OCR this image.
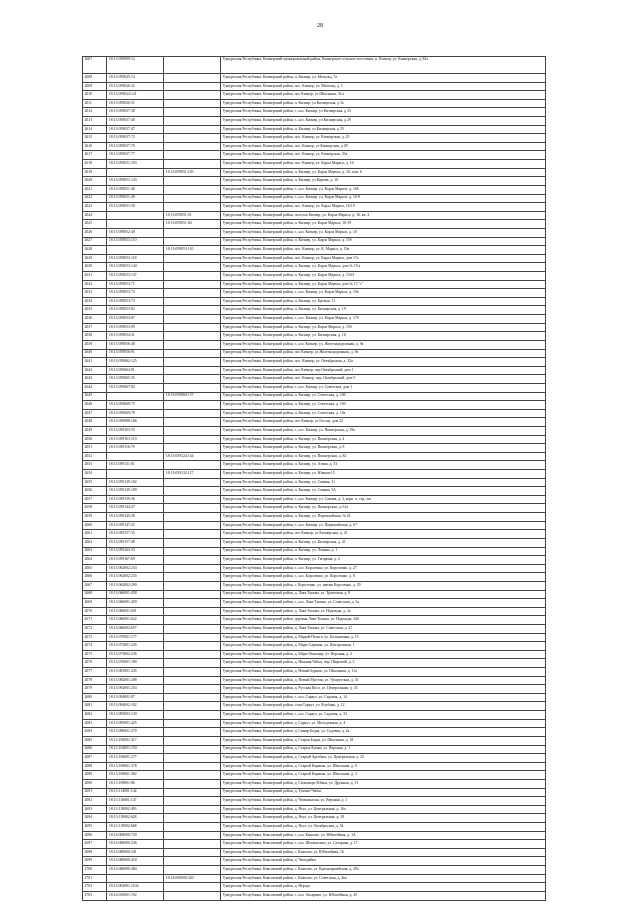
28
2607	18:13:059009:12		Удмуртская Республика, Кизнерский муниципальный район, Кизнерское сельское поселение, п. Кизнер, ул. Кизнерская, д. 82а
2608	18:13:059025:14		Удмуртская Республика, Кизнерский район, п. Кизнер, ул. Мельзац, 7а
2609	18:13:059026:32		Удмуртская Республика, Кизнерский район, пос. Кизнер, ул. Мельзац, д. 1
2610	18:13:059024:121		Удмуртская Республика, Кизнерский район, пос Кизнер, ул Школьная, 34 а
2611	18:13:059026:51		Удмуртская Республика, Кизнерский район, п. Кизнер, ул Кизнерская, д 3а
2612	18:13:059037:38		Удмуртская Республика, Кизнерский район, г., н.п. Кизнер, ул Кизнерская, д 33
2613	18:13:059037:40		Удмуртская Республика, Кизнерский район, г., н.п. Кизнер, ул Кизнерская, д 29
2614	18:13:059037:47		Удмуртская Республика, Кизнерский район, п. Кизнер, ул Кизнерская, д 25
2615	18:13:059037:72		Удмуртская Республика, Кизнерский район, пос. Кизнер, ул. Кизнерская, д. 25
2616	18:13:059037:79		Удмуртская Республика, Кизнерский район, пос. Кизнер, ул Кизнерская, д 29
2617	18:13:059037:77		Удмуртская Республика, Кизнерский район, пос. Кизнер, ул. Кизнерская, 33а
2618	18:13:059051:103		Удмуртская Республика, Кизнерский район, пос. Кизнер, ул. Карла Маркса, д. 16
2619		18:13:059051:103	Удмуртская Республика, Кизнерский район, п. Кизнер, ул. Карла Маркса, д. 16, пом. 6
2620	18:13:059051:143		Удмуртская Республика, Кизнерский район, п. Кизнер, ул Кирова, д. 10
2621	18:13:059051:40		Удмуртская Республика, Кизнерский район, г., н.п. Кизнер, ул. Карла Маркса, д. 16б
2622	18:13:059051:49		Удмуртская Республика, Кизнерский район, г., н.п. Кизнер, ул. Карла Маркса, д. 16-9
2623	18:13:059051:50		Удмуртская Республика, Кизнерский район, пос. Кизнер, ул. Карла Маркса, 16-10
2624		18:13:059051:51	Удмуртская Республика, Кизнерский район, поселок Кизнер, ул. Карла Маркса, д. 16, кв. 2
2625		18:13:059051:84	Удмуртская Республика, Кизнерский район, п. Кизнер, ул. Карла Маркса, 16-19
2626	18:13:059052:40		Удмуртская Республика, Кизнерский район, г., н.п. Кизнер, ул. Карла Маркса, д. 10
2627	18:13:059053:110		Удмуртская Республика, Кизнерский район, п. Кизнер, ул. Карла Маркса, д. 15б
2628		18:13:059053:110	Удмуртская Республика, Кизнерский район, пос. Кизнер, ул. К. Маркса, д. 15в
2629	18:13:059053:118		Удмуртская Республика, Кизнерский район, пос. Кизнер, ул. Карла Маркса, дом 17а
2630	18:13:059053:144		Удмуртская Республика, Кизнерский район, п. Кизнер, ул. Карла Маркса, дом № 19 а
2631	18:13:059053:147		Удмуртская Республика, Кизнерский район, п. Кизнер, ул. Карла Маркса, д. 15б/1
2632	18:13:059053:71		Удмуртская Республика, Кизнерский район, п. Кизнер, ул. Карла Маркса, дом № 15 "г"
2633	18:13:059053:72		Удмуртская Республика, Кизнерский район, г., н.п. Кизнер, ул. Карла Маркса, д. 19а
2634	18:13:059053:73		Удмуртская Республика, Кизнерский район, п. Кизнер, ул. Кремля, 11
2635	18:13:059053:82		Удмуртская Республика, Кизнерский район, п. Кизнер, ул. Кизнерская, д. 19
2636	18:13:059053:87		Удмуртская Республика, Кизнерский район, г., н.п. Кизнер, ул. Карла Маркса, д. 17б
2637	18:13:059053:99		Удмуртская Республика, Кизнерский район, п. Кизнер, ул. Карла Маркса, д. 15б
2638	18:13:059054:31		Удмуртская Республика, Кизнерский район, п. Кизнер, ул. Кизнерская, д. 16
2639	18:13:059056:48		Удмуртская Республика, Кизнерский район, г., н.п. Кизнер, ул. Железнодорожная, д. 9а
2640	18:13:059056:91		Удмуртская Республика, Кизнерский район, пос Кизнер, ул Железнодорожная, д. 9а
2641	18:13:059062:125		Удмуртская Республика, Кизнерский район, пос. Кизнер, ул. Октябрьская, д. 32а
2642	18:13:059064:91		Удмуртская Республика, Кизнерский район, пос Кизнер, пер Октябрьский, дом 1
2643	18:13:059065:35		Удмуртская Республика, Кизнерский район, пос. Кизнер, пер. Октябрьский, дом 5
2644	18:13:059067:82		Удмуртская Республика, Кизнерский район, г., н.п. Кизнер, ул. Советская, дом 1
2645		18:13:059069:157	Удмуртская Республика, Кизнерский район, п. Кизнер, ул. Советская, д. 106
2646	18:13:059069:75		Удмуртская Республика, Кизнерский район, п. Кизнер, ул. Советская, д. 10б
2647	18:13:059069:78		Удмуртская Республика, Кизнерский район, п. Кизнер, ул. Советская, д. 10а
2648	18:13:059088:166		Удмуртская Республика, Кизнерский район, пос Кизнер, ул Гоголя, дом 22
2649	18:13:059103:55		Удмуртская Республика, Кизнерский район, г., н.п. Кизнер, ул. Пионерская, д. 19а
2650	18:13:059103:119		Удмуртская Республика, Кизнерский район, п. Кизнер, ул. Пионерская, д. 4
2651	18:13:059116:79		Удмуртская Республика, Кизнерский район, п. Кизнер, ул. Пионерская, д. 8
2652		18:13:059124:144	Удмуртская Республика, Кизнерский район, п. Кизнер, ул. Пионерская, д. 82
2653	18:13:059131:81		Удмуртская Республика, Кизнерский район, п. Кизнер, ул. Азина, д. 53
2654		18:13:059132:117	Удмуртская Республика, Кизнерский район, п. Кизнер, ул. Южная-15
2655	18:13:059139:102		Удмуртская Республика, Кизнерский район, п. Кизнер, ул. Савина, 31
2656	18:13:059139:109		Удмуртская Республика, Кизнерский район, п. Кизнер, ул. Савина, 5А
2657	18:13:059139:36		Удмуртская Республика, Кизнерский район, г., н.п. Кизнер, ул. Савина, д. 3, корп. а, стр., кв.
2658	18:13:059144:47		Удмуртская Республика, Кизнерский район, п. Кизнер, ул. Пионерская, д. 61а
2659	18:13:059145:28		Удмуртская Республика, Кизнерский район, п. Кизнер, ул. Первомайская, № 61
2660	18:13:059147:25		Удмуртская Республика, Кизнерский район, г., н.п. Кизнер, ул. Первомайская, д. 67
2661	18:13:059157:35		Удмуртская Республика, Кизнерский район, пос Кизнер, ул Кизнерская, д. 41
2662	18:13:059157:48		Удмуртская Республика, Кизнерский район, п. Кизнер, ул. Кизнерская, д. 41
2663	18:13:059164:33		Удмуртская Республика, Кизнерский район, п. Кизнер, ул. Ленина, д. 1
2664	18:13:059167:69		Удмуртская Республика, Кизнерский район, п. Кизнер, ул. Гагарина, д. 2
2665	18:13:062002:233		Удмуртская Республика, Кизнерский район, г., н.п. Короленко, ул. Короленко, д. 27
2666	18:13:062002:235		Удмуртская Республика, Кизнерский район, г., н.п. Короленко, ул. Короленко, д. 8
2667	18:13:062002:290		Удмуртская Республика, Кизнерский район, с. Короленко, ул. имени Короленко, д. 29
2668	18:13:066001:458		Удмуртская Республика, Кизнерский район, д. Лака-Тыжма, ул. Трактовая, д. 8
2669	18:13:066001:459		Удмуртская Республика, Кизнерский район, г., н.п. Лака-Тыжма, ул. Советская, д. 3а
2670	18:13:066001:601		Удмуртская Республика, Кизнерский район, д. Лака-Тыжма, ул. Надежды, д. 2а
2671	18:13:066001:622		Удмуртская Республика, Кизнерский район, деревня Лака-Тыжма, ул. Надежды, 34б
2672	18:13:066002:657		Удмуртская Республика, Кизнерский район, д. Лака-Тыжма, ул. Советская, д. 27
2673	18:13:070001:177		Удмуртская Республика, Кизнерский район, д. Марый-Пельга, ул. Больничная, д. 15
2674	18:13:072001:245		Удмуртская Республика, Кизнерский район, д. Мари-Сарамак, ул. Центральная, 1
2675	18:13:073002:236		Удмуртская Республика, Кизнерский район, д. Мари-Ошкенер, ул. Верхняя, д. 2
2676	18:13:076001:189		Удмуртская Республика, Кизнерский район, д. Нижняя Чабья, пер. Широкий, д. 3
2677	18:13:081001:245		Удмуртская Республика, Кизнерский район, д. Новый Бурнак, ул. Школьная, д. 11а
2678	18:13:082001:208		Удмуртская Республика, Кизнерский район, д. Новый Мултан, ул. Удмуртская, д. 31
2679	18:13:092001:254		Удмуртская Республика, Кизнерский район, д. Русская Коса, ул. Центральная, д. 33
2680	18:13:094001:87		Удмуртская Республика, Кизнерский район, г., н.п. Саркуз, ул. Садовая, д. 14
2681	18:13:094002:102		Удмуртская Республика, Кизнерский район, стан Саркуз, ул. Клубная, д. 12
2682	18:13:095003:139		Удмуртская Республика, Кизнерский район, г., н.п. Саркуз, ул. Садовая, д. 33
2683	18:13:095001:425		Удмуртская Республика, Кизнерский район, д. Саркуз, ул. Молодежная, д. 4
2684	18:13:096001:270		Удмуртская Республика, Кизнерский район, д. Синяр-Бодья, ул. Садовая, д. 2а
2685	18:13:100001:317		Удмуртская Республика, Кизнерский район, д. Старая Бодья, ул. Школьная, д. 18
2686	18:13:104001:150		Удмуртская Республика, Кизнерский район, д. Старые Копки, ул. Верхняя, д. 1
2687	18:13:106001:277		Удмуртская Республика, Кизнерский район, д. Старый Аргабаш, ул. Центральная, д. 25
2688	18:13:106001:378		Удмуртская Республика, Кизнерский район, д. Старый Кармыж, ул. Школьная, д. 9
2689	18:13:106001:382		Удмуртская Республика, Кизнерский район, д. Старый Кармыж, ул. Школьная, д. 3
2690	18:13:109001:86		Удмуртская Республика, Кизнерский район, д. Сизьоморт-Юмья, ул. Дружная, д. 13
2691	18:13:114001:144		Удмуртская Республика, Кизнерский район, д. Тукмач-Чабья
2692	18:13:116001:147		Удмуртская Республика, Кизнерский район, д. Чемашкалан, ул. Верхняя, д. 1
2693	18:13:118002:493		Удмуртская Республика, Кизнерский район, д. Ягул, ул. Центральная, д. 16а
2694	18:13:118002:628		Удмуртская Республика, Кизнерский район, д. Ягул, ул. Центральная, д. 18
2695	18:13:118002:668		Удмуртская Республика, Кизнерский район, д. Ягул, ул. Октябрьская, д. 54
2696	18:14:000000:729		Удмуртская Республика, Киясовский район, г., н.п. Киясово, ул. Юбилейная, д. 1А
2697	18:14:000000:236		Удмуртская Республика, Киясовский район, г., н.п. Шахматовка, ул. Сахарная, д. 17
2698	18:14:000000:341		Удмуртская Республика, Киясовский район, с. Киясово, ул. Юбилейная, 16
2699	18:14:000000:418		Удмуртская Республика, Киясовский район, д. Чемодайка
2700	18:14:000000:484		Удмуртская Республика, Киясовский район, с. Киясово, ул. Красноармейская, д. 29а
2701		18:14:000000:320	Удмуртская Республика, Киясовский район, с. Киясово, ул. Советская, д. 4ка
2702	18:14:002001:1104		Удмуртская Республика, Киясовский район, д. Неродо
2703	18:14:010001:192		Удмуртская Республика, Киясовский район, г., н.п. Аксарино, ул. Юбилейная, д. 25
